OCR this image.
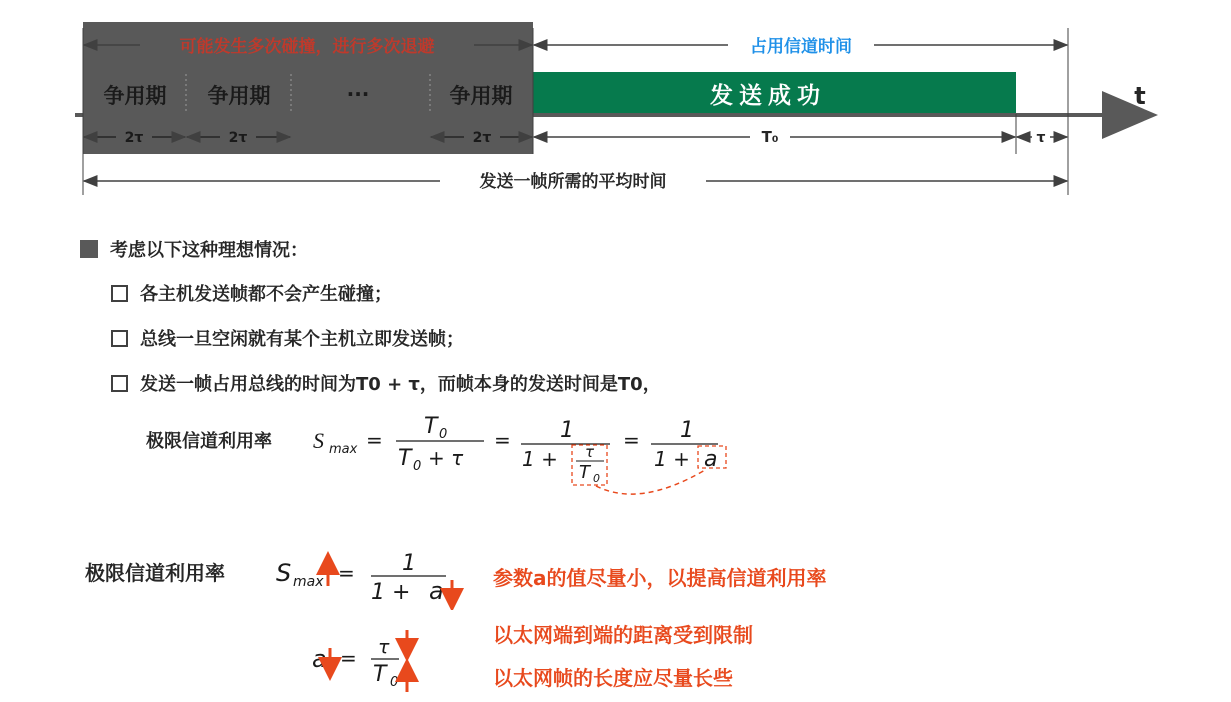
可能发生多次碰撞，进行多次退避	占用信道时间
争用期 争用期	···	争用期	发送成功	t
2τ	2τ	2τ	T₀	τ
发送一帧所需的平均时间
考虑以下这种理想情况：
各主机发送帧都不会产生碰撞；
总线一旦空闲就有某个主机立即发送帧；
发送一帧占用总线的时间为T0 + τ，而帧本身的发送时间是T0，
极限信道利用率 S max =
T 0
T 0 + τ
= 1
1 + τ
T 0
= 1
1 + a
极限信道利用率 S max = 1
1 + a 参数a的值尽量小，以提高信道利用率
a = τ
T 0
以太网端到端的距离受到限制
以太网帧的长度应尽量长些
